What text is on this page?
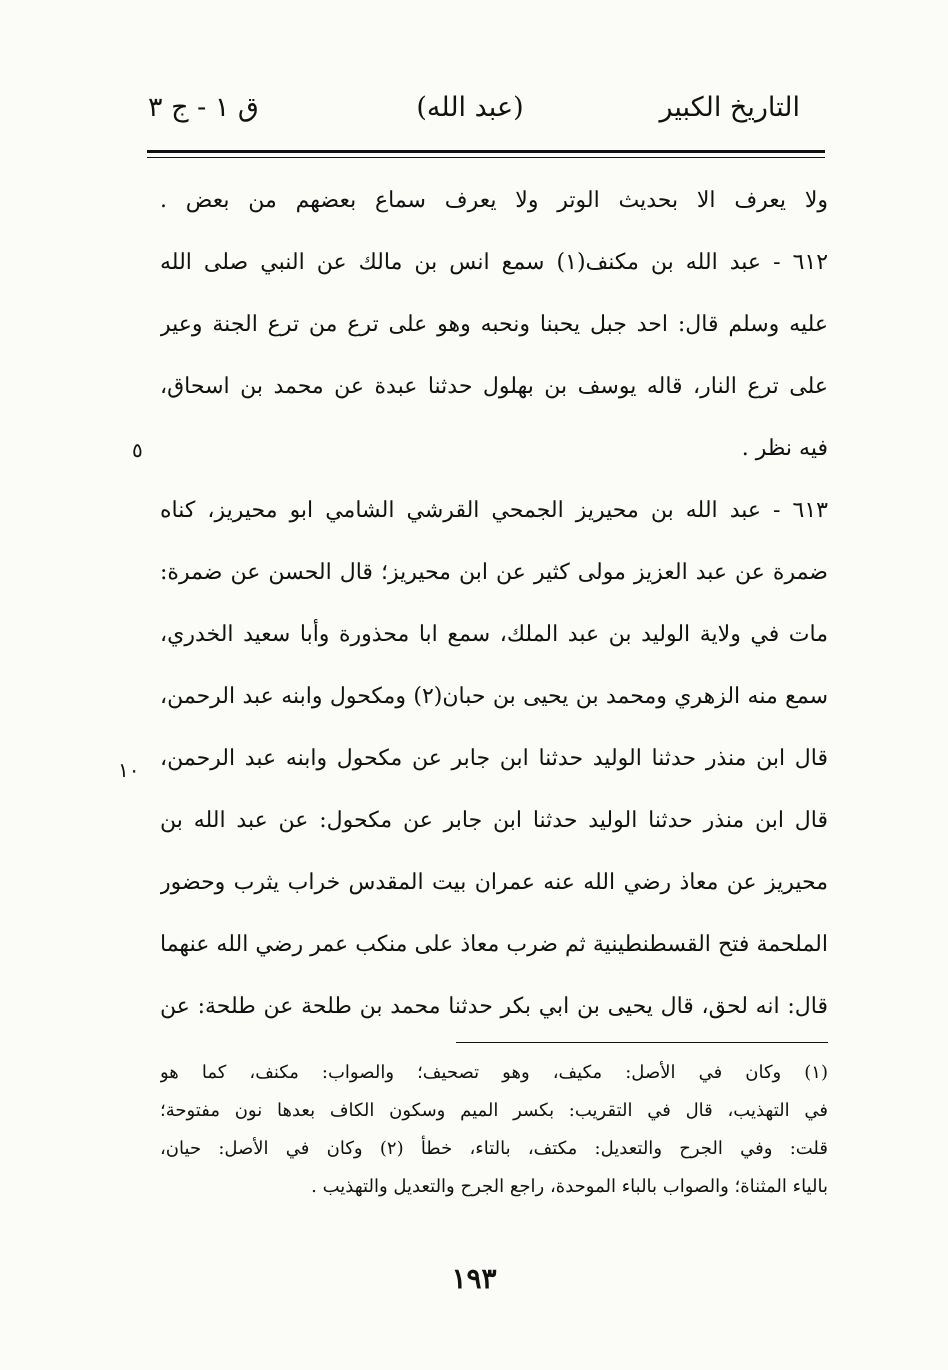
التاريخ الكبير
(عبد الله)
ق ١ - ج ٣
ولا يعرف الا بحديث الوتر ولا يعرف سماع بعضهم من بعض .
٦١٢ - عبد الله بن مكنف(١) سمع انس بن مالك عن النبي صلى الله
عليه وسلم قال: احد جبل يحبنا ونحبه وهو على ترع من ترع الجنة وعير
على ترع النار، قاله يوسف بن بهلول حدثنا عبدة عن محمد بن اسحاق،
فيه نظر .
٦١٣ - عبد الله بن محيريز الجمحي القرشي الشامي ابو محيريز، كناه
ضمرة عن عبد العزيز مولى كثير عن ابن محيريز؛ قال الحسن عن ضمرة:
مات في ولاية الوليد بن عبد الملك، سمع ابا محذورة وأبا سعيد الخدري،
سمع منه الزهري ومحمد بن يحيى بن حبان(٢) ومكحول وابنه عبد الرحمن،
قال ابن منذر حدثنا الوليد حدثنا ابن جابر عن مكحول وابنه عبد الرحمن،
قال ابن منذر حدثنا الوليد حدثنا ابن جابر عن مكحول: عن عبد الله بن
محيريز عن معاذ رضي الله عنه عمران بيت المقدس خراب يثرب وحضور
الملحمة فتح القسطنطينية ثم ضرب معاذ على منكب عمر رضي الله عنهما
قال: انه لحق، قال يحيى بن ابي بكر حدثنا محمد بن طلحة عن طلحة: عن
٥
١٠
(١) وكان في الأصل: مكيف، وهو تصحيف؛ والصواب: مكنف، كما هو
في التهذيب، قال في التقريب: بكسر الميم وسكون الكاف بعدها نون مفتوحة؛
قلت: وفي الجرح والتعديل: مكتف، بالتاء، خطأ (٢) وكان في الأصل: حيان،
بالياء المثناة؛ والصواب بالباء الموحدة، راجع الجرح والتعديل والتهذيب .
١٩٣
